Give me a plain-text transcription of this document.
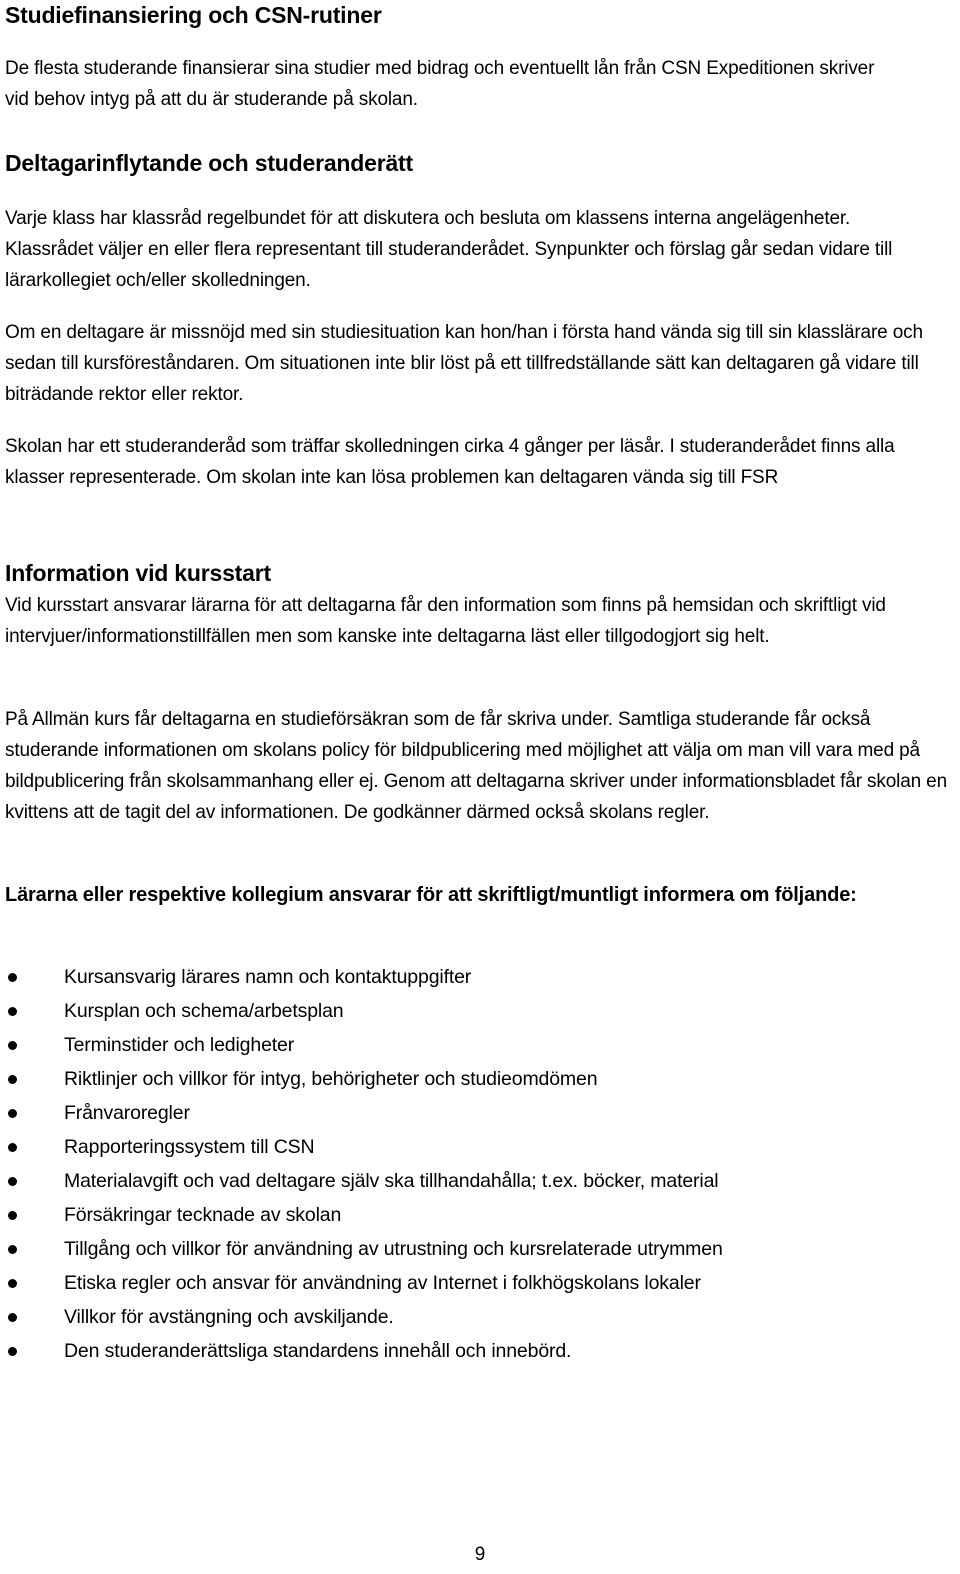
Studiefinansiering och CSN-rutiner

De flesta studerande finansierar sina studier med bidrag och eventuellt lån från CSN Expeditionen skriver vid behov intyg på att du är studerande på skolan.

Deltagarinflytande och studeranderätt

Varje klass har klassråd regelbundet för att diskutera och besluta om klassens interna angelägenheter. Klassrådet väljer en eller flera representant till studeranderådet. Synpunkter och förslag går sedan vidare till lärarkollegiet och/eller skolledningen.

Om en deltagare är missnöjd med sin studiesituation kan hon/han i första hand vända sig till sin klasslärare och sedan till kursföreståndaren. Om situationen inte blir löst på ett tillfredställande sätt kan deltagaren gå vidare till biträdande rektor eller rektor.

Skolan har ett studeranderåd som träffar skolledningen cirka 4 gånger per läsår. I studeranderådet finns alla klasser representerade. Om skolan inte kan lösa problemen kan deltagaren vända sig till FSR

Information vid kursstart

Vid kursstart ansvarar lärarna för att deltagarna får den information som finns på hemsidan och skriftligt vid intervjuer/informationstillfällen men som kanske inte deltagarna läst eller tillgodogjort sig helt.

På Allmän kurs får deltagarna en studieförsäkran som de får skriva under. Samtliga studerande får också studerande informationen om skolans policy för bildpublicering med möjlighet att välja om man vill vara med på bildpublicering från skolsammanhang eller ej. Genom att deltagarna skriver under informationsbladet får skolan en kvittens att de tagit del av informationen. De godkänner därmed också skolans regler.

Lärarna eller respektive kollegium ansvarar för att skriftligt/muntligt informera om följande:

Kursansvarig lärares namn och kontaktuppgifter
Kursplan och schema/arbetsplan
Terminstider och ledigheter
Riktlinjer och villkor för intyg, behörigheter och studieomdömen
Frånvaroregler
Rapporteringssystem till CSN
Materialavgift och vad deltagare själv ska tillhandahålla; t.ex. böcker, material
Försäkringar tecknade av skolan
Tillgång och villkor för användning av utrustning och kursrelaterade utrymmen
Etiska regler och ansvar för användning av Internet i folkhögskolans lokaler
Villkor för avstängning och avskiljande.
Den studeranderättsliga standardens innehåll och innebörd.
9
